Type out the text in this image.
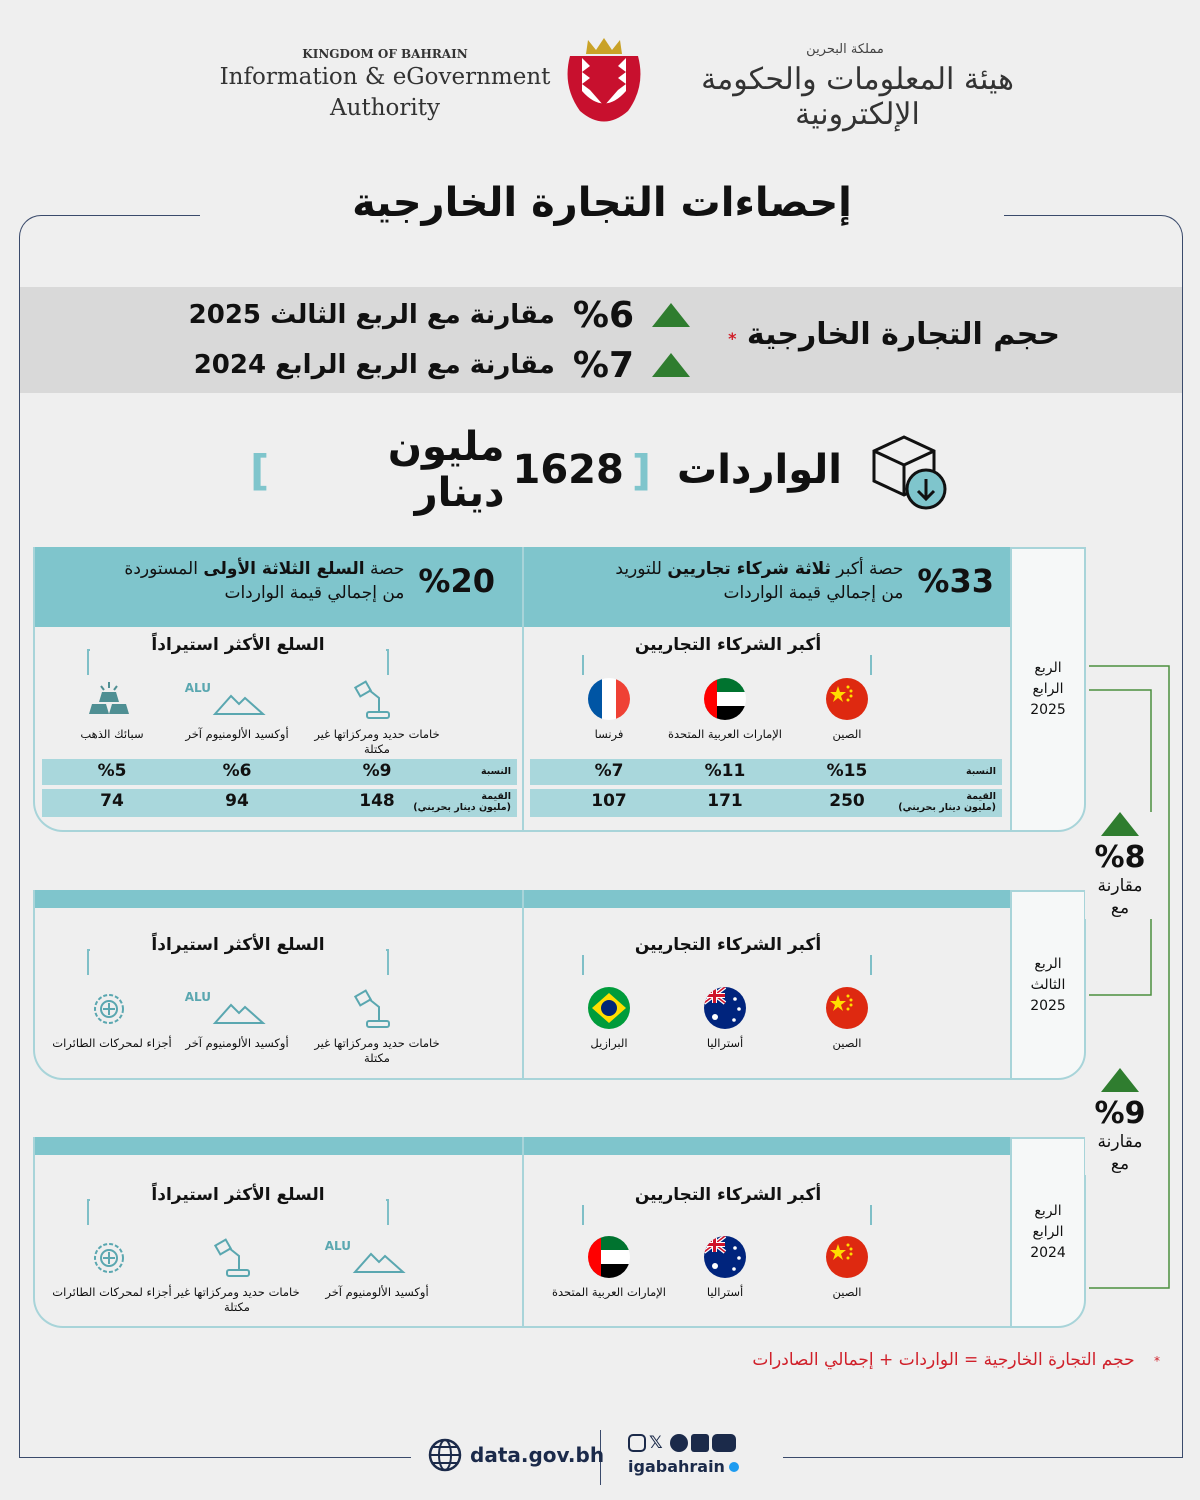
KINGDOM OF BAHRAIN
Information & eGovernment
Authority
مملكة البحرين
هيئة المعلومات والحكومة الإلكترونية
إحصاءات التجارة الخارجية
حجم التجارة الخارجية *
%6
مقارنة مع الربع الثالث 2025
%7
مقارنة مع الربع الرابع 2024
الواردات
[
1628
مليون دينار
]
الربع
الرابع
2025
النسبة
القيمة
(مليون دينار بحريني)
%33
حصة أكبر ثلاثة شركاء تجاريين للتوريد
من إجمالي قيمة الواردات
أكبر الشركاء التجاريين
الصين
%15
250
الإمارات العربية المتحدة
%11
171
فرنسا
%7
107
النسبة
القيمة
(مليون دينار بحريني)
%20
حصة السلع الثلاثة الأولى المستوردة
من إجمالي قيمة الواردات
السلع الأكثر استيراداً
خامات حديد ومركزاتها غير مكتلة
%9
148
ALU
أوكسيد الألومنيوم آخر
%6
94
سبائك الذهب
%5
74
الربع
الثالث
2025
أكبر الشركاء التجاريين
الصين
أستراليا
البرازيل
السلع الأكثر استيراداً
خامات حديد ومركزاتها غير مكتلة
ALU
أوكسيد الألومنيوم آخر
أجزاء لمحركات الطائرات
الربع
الرابع
2024
أكبر الشركاء التجاريين
الصين
أستراليا
الإمارات العربية المتحدة
السلع الأكثر استيراداً
ALU
أوكسيد الألومنيوم آخر
خامات حديد ومركزاتها غير مكتلة
أجزاء لمحركات الطائرات
%8
مقارنة
مع
%9
مقارنة
مع
* حجم التجارة الخارجية = الواردات + إجمالي الصادرات
data.gov.bh	𝕏
igabahrain
